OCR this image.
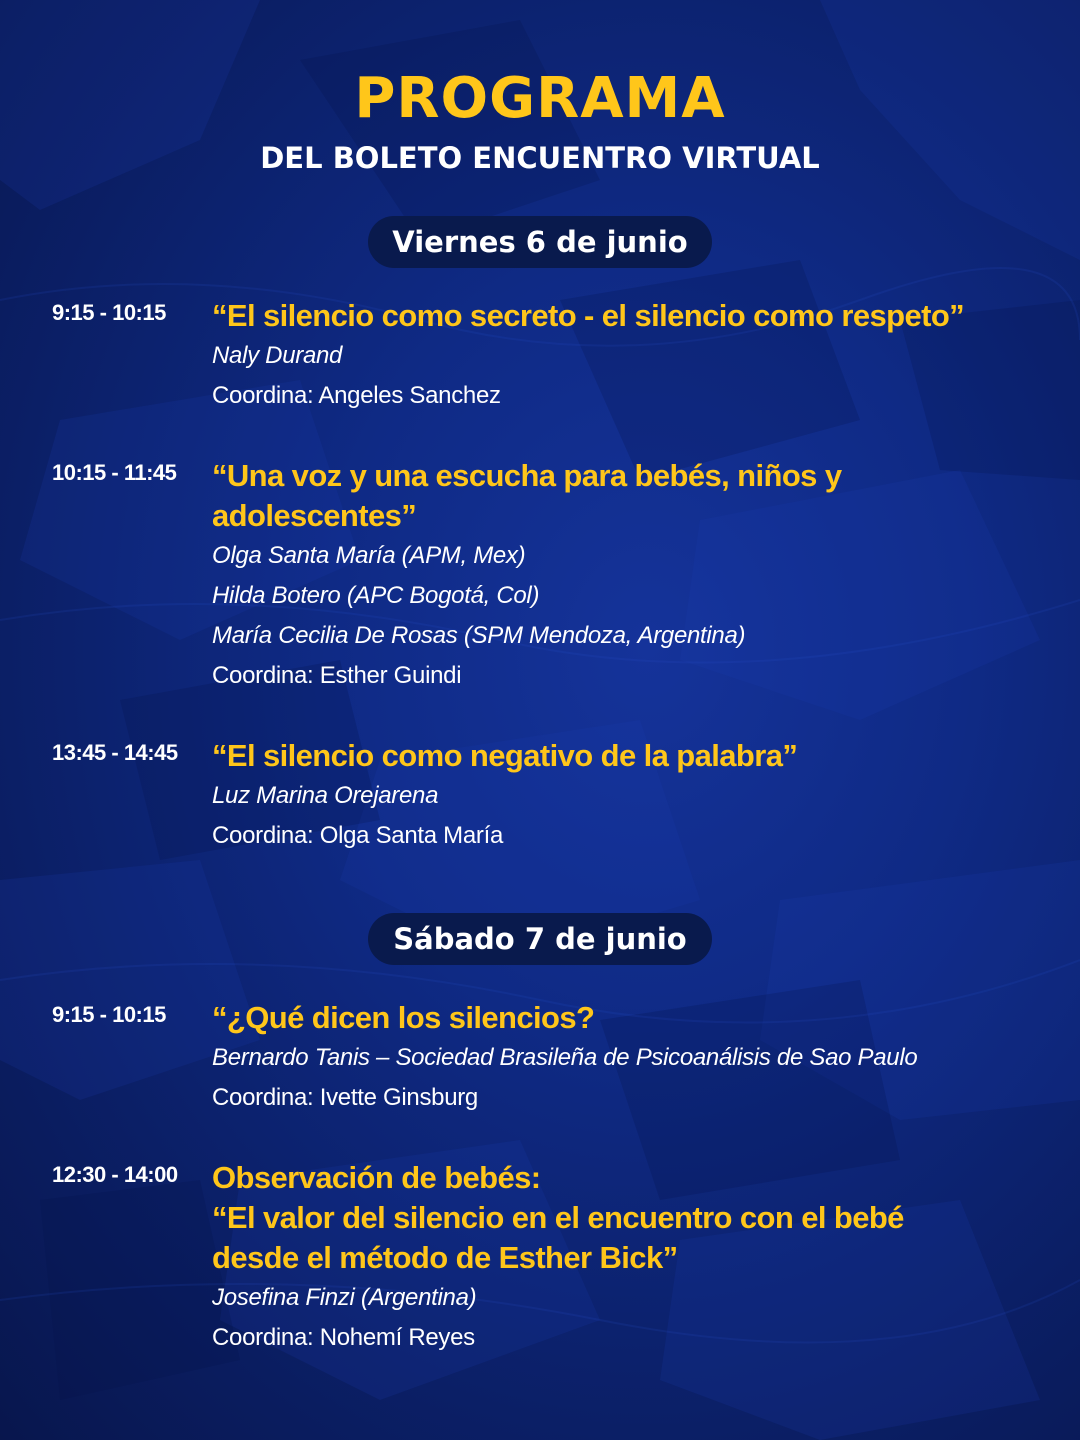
PROGRAMA
DEL BOLETO ENCUENTRO VIRTUAL
Viernes 6 de junio
9:15 - 10:15 “El silencio como secreto - el silencio como respeto”
Naly Durand
Coordina: Angeles Sanchez
10:15 - 11:45 “Una voz y una escucha para bebés, niños y
adolescentes”
Olga Santa María (APM, Mex)
Hilda Botero (APC Bogotá, Col)
María Cecilia De Rosas (SPM Mendoza, Argentina)
Coordina: Esther Guindi
13:45 - 14:45 “El silencio como negativo de la palabra”
Luz Marina Orejarena
Coordina: Olga Santa María
Sábado 7 de junio
9:15 - 10:15 “¿Qué dicen los silencios?
Bernardo Tanis – Sociedad Brasileña de Psicoanálisis de Sao Paulo
Coordina: Ivette Ginsburg
12:30 - 14:00 Observación de bebés:
“El valor del silencio en el encuentro con el bebé
desde el método de Esther Bick”
Josefina Finzi (Argentina)
Coordina: Nohemí Reyes
